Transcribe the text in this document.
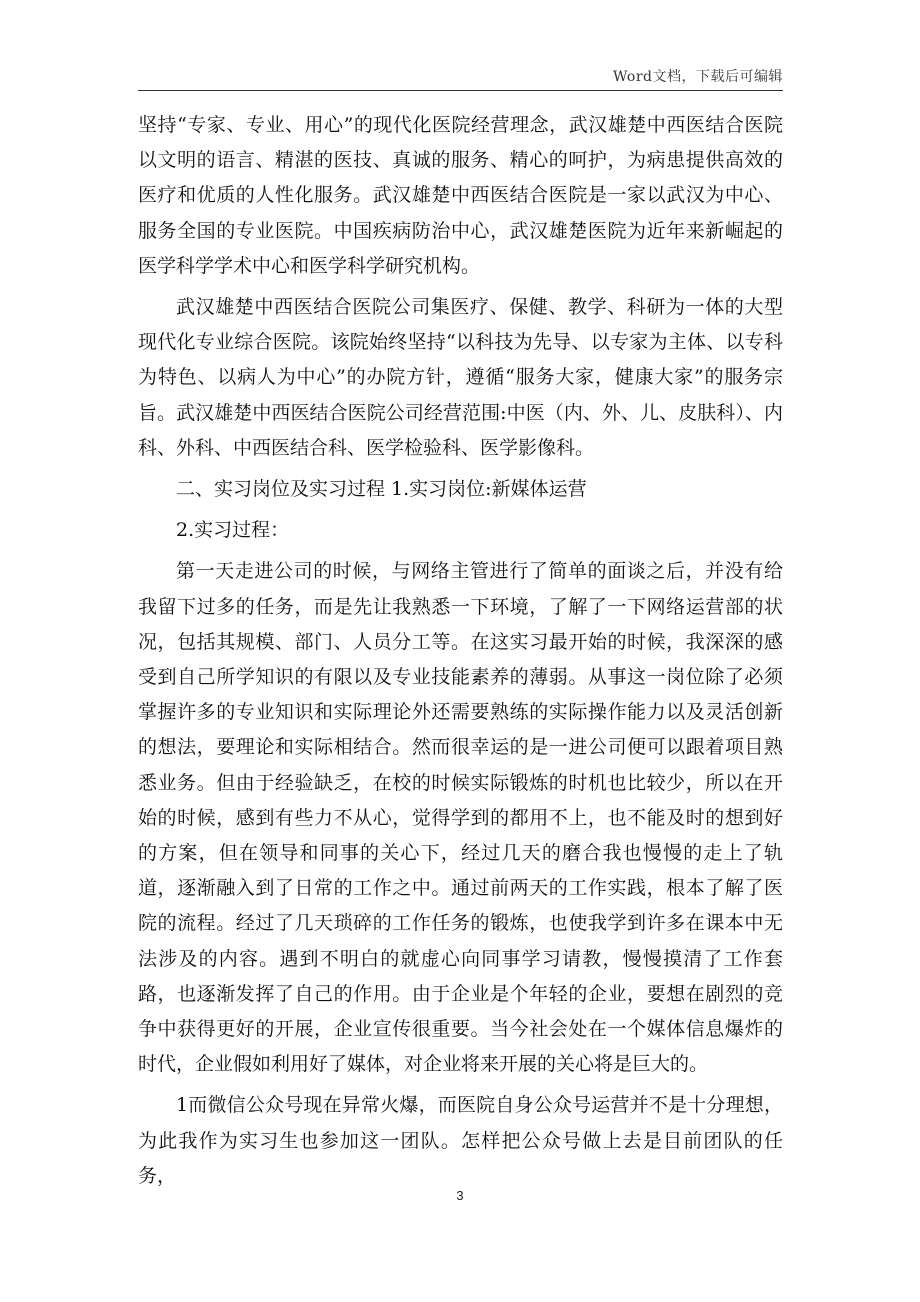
Word文档，下载后可编辑

坚持“专家、专业、用心”的现代化医院经营理念，武汉雄楚中西医结合医院以文明的语言、精湛的医技、真诚的服务、精心的呵护，为病患提供高效的医疗和优质的人性化服务。武汉雄楚中西医结合医院是一家以武汉为中心、服务全国的专业医院。中国疾病防治中心，武汉雄楚医院为近年来新崛起的医学科学学术中心和医学科学研究机构。

武汉雄楚中西医结合医院公司集医疗、保健、教学、科研为一体的大型现代化专业综合医院。该院始终坚持“以科技为先导、以专家为主体、以专科为特色、以病人为中心”的办院方针，遵循“服务大家，健康大家”的服务宗旨。武汉雄楚中西医结合医院公司经营范围:中医（内、外、儿、皮肤科）、内科、外科、中西医结合科、医学检验科、医学影像科。

二、实习岗位及实习过程 1.实习岗位:新媒体运营

2.实习过程：

第一天走进公司的时候，与网络主管进行了简单的面谈之后，并没有给我留下过多的任务，而是先让我熟悉一下环境，了解了一下网络运营部的状况，包括其规模、部门、人员分工等。在这实习最开始的时候，我深深的感受到自己所学知识的有限以及专业技能素养的薄弱。从事这一岗位除了必须掌握许多的专业知识和实际理论外还需要熟练的实际操作能力以及灵活创新的想法，要理论和实际相结合。然而很幸运的是一进公司便可以跟着项目熟悉业务。但由于经验缺乏，在校的时候实际锻炼的时机也比较少，所以在开始的时候，感到有些力不从心，觉得学到的都用不上，也不能及时的想到好的方案，但在领导和同事的关心下，经过几天的磨合我也慢慢的走上了轨道，逐渐融入到了日常的工作之中。通过前两天的工作实践，根本了解了医院的流程。经过了几天琐碎的工作任务的锻炼，也使我学到许多在课本中无法涉及的内容。遇到不明白的就虚心向同事学习请教，慢慢摸清了工作套路，也逐渐发挥了自己的作用。由于企业是个年轻的企业，要想在剧烈的竞争中获得更好的开展，企业宣传很重要。当今社会处在一个媒体信息爆炸的时代，企业假如利用好了媒体，对企业将来开展的关心将是巨大的。

1而微信公众号现在异常火爆，而医院自身公众号运营并不是十分理想，为此我作为实习生也参加这一团队。怎样把公众号做上去是目前团队的任务，

3
